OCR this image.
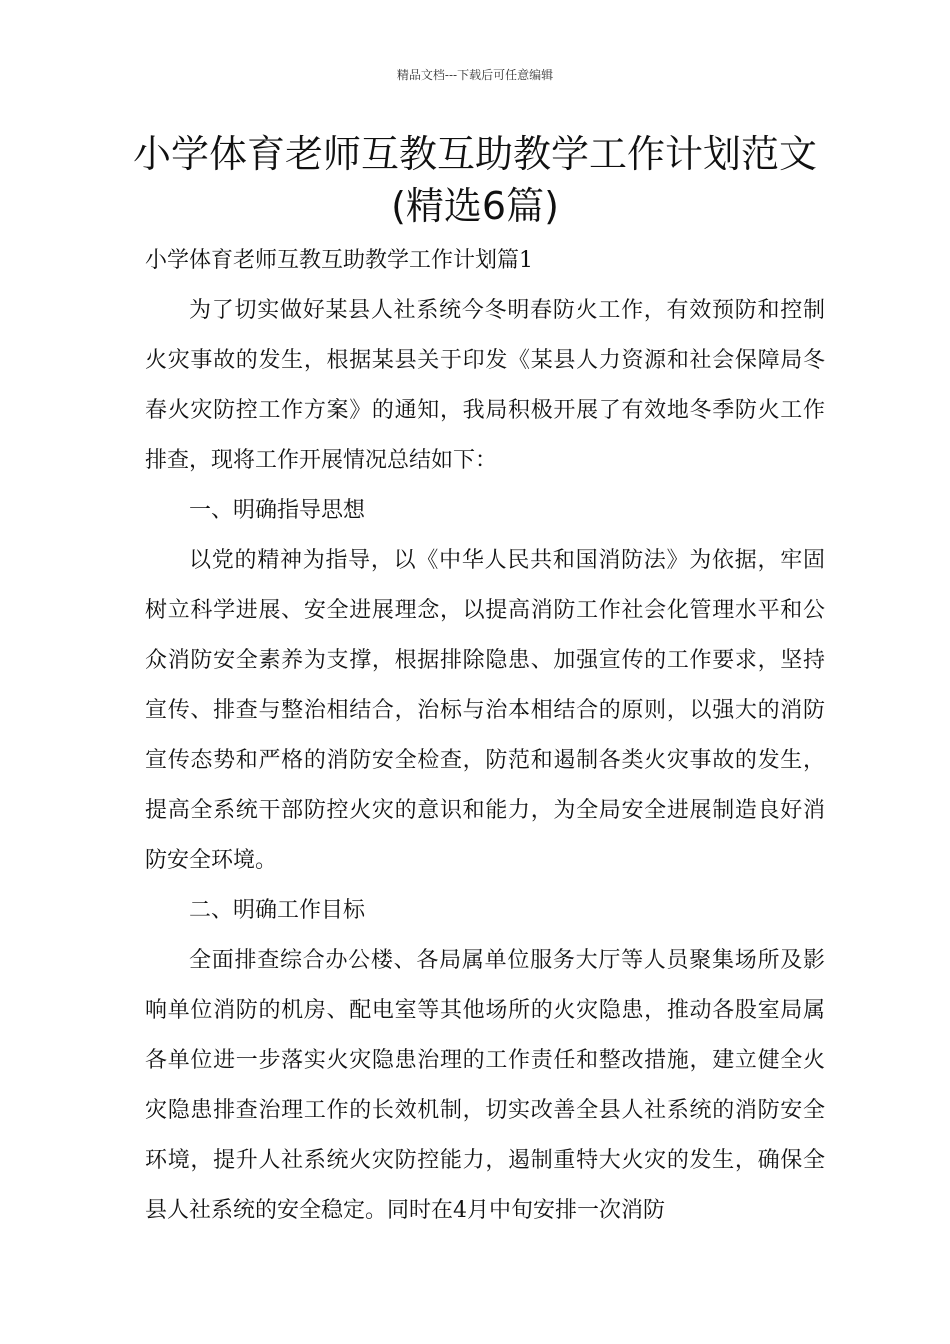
精品文档---下载后可任意编辑
小学体育老师互教互助教学工作计划范文(精选6篇)

小学体育老师互教互助教学工作计划篇1

为了切实做好某县人社系统今冬明春防火工作，有效预防和控制火灾事故的发生，根据某县关于印发《某县人力资源和社会保障局冬春火灾防控工作方案》的通知，我局积极开展了有效地冬季防火工作排查，现将工作开展情况总结如下：

一、明确指导思想

以党的精神为指导，以《中华人民共和国消防法》为依据，牢固树立科学进展、安全进展理念，以提高消防工作社会化管理水平和公众消防安全素养为支撑，根据排除隐患、加强宣传的工作要求，坚持宣传、排查与整治相结合，治标与治本相结合的原则，以强大的消防宣传态势和严格的消防安全检查，防范和遏制各类火灾事故的发生，提高全系统干部防控火灾的意识和能力，为全局安全进展制造良好消防安全环境。

二、明确工作目标

全面排查综合办公楼、各局属单位服务大厅等人员聚集场所及影响单位消防的机房、配电室等其他场所的火灾隐患，推动各股室局属各单位进一步落实火灾隐患治理的工作责任和整改措施，建立健全火灾隐患排查治理工作的长效机制，切实改善全县人社系统的消防安全环境，提升人社系统火灾防控能力，遏制重特大火灾的发生，确保全县人社系统的安全稳定。同时在4月中旬安排一次消防
